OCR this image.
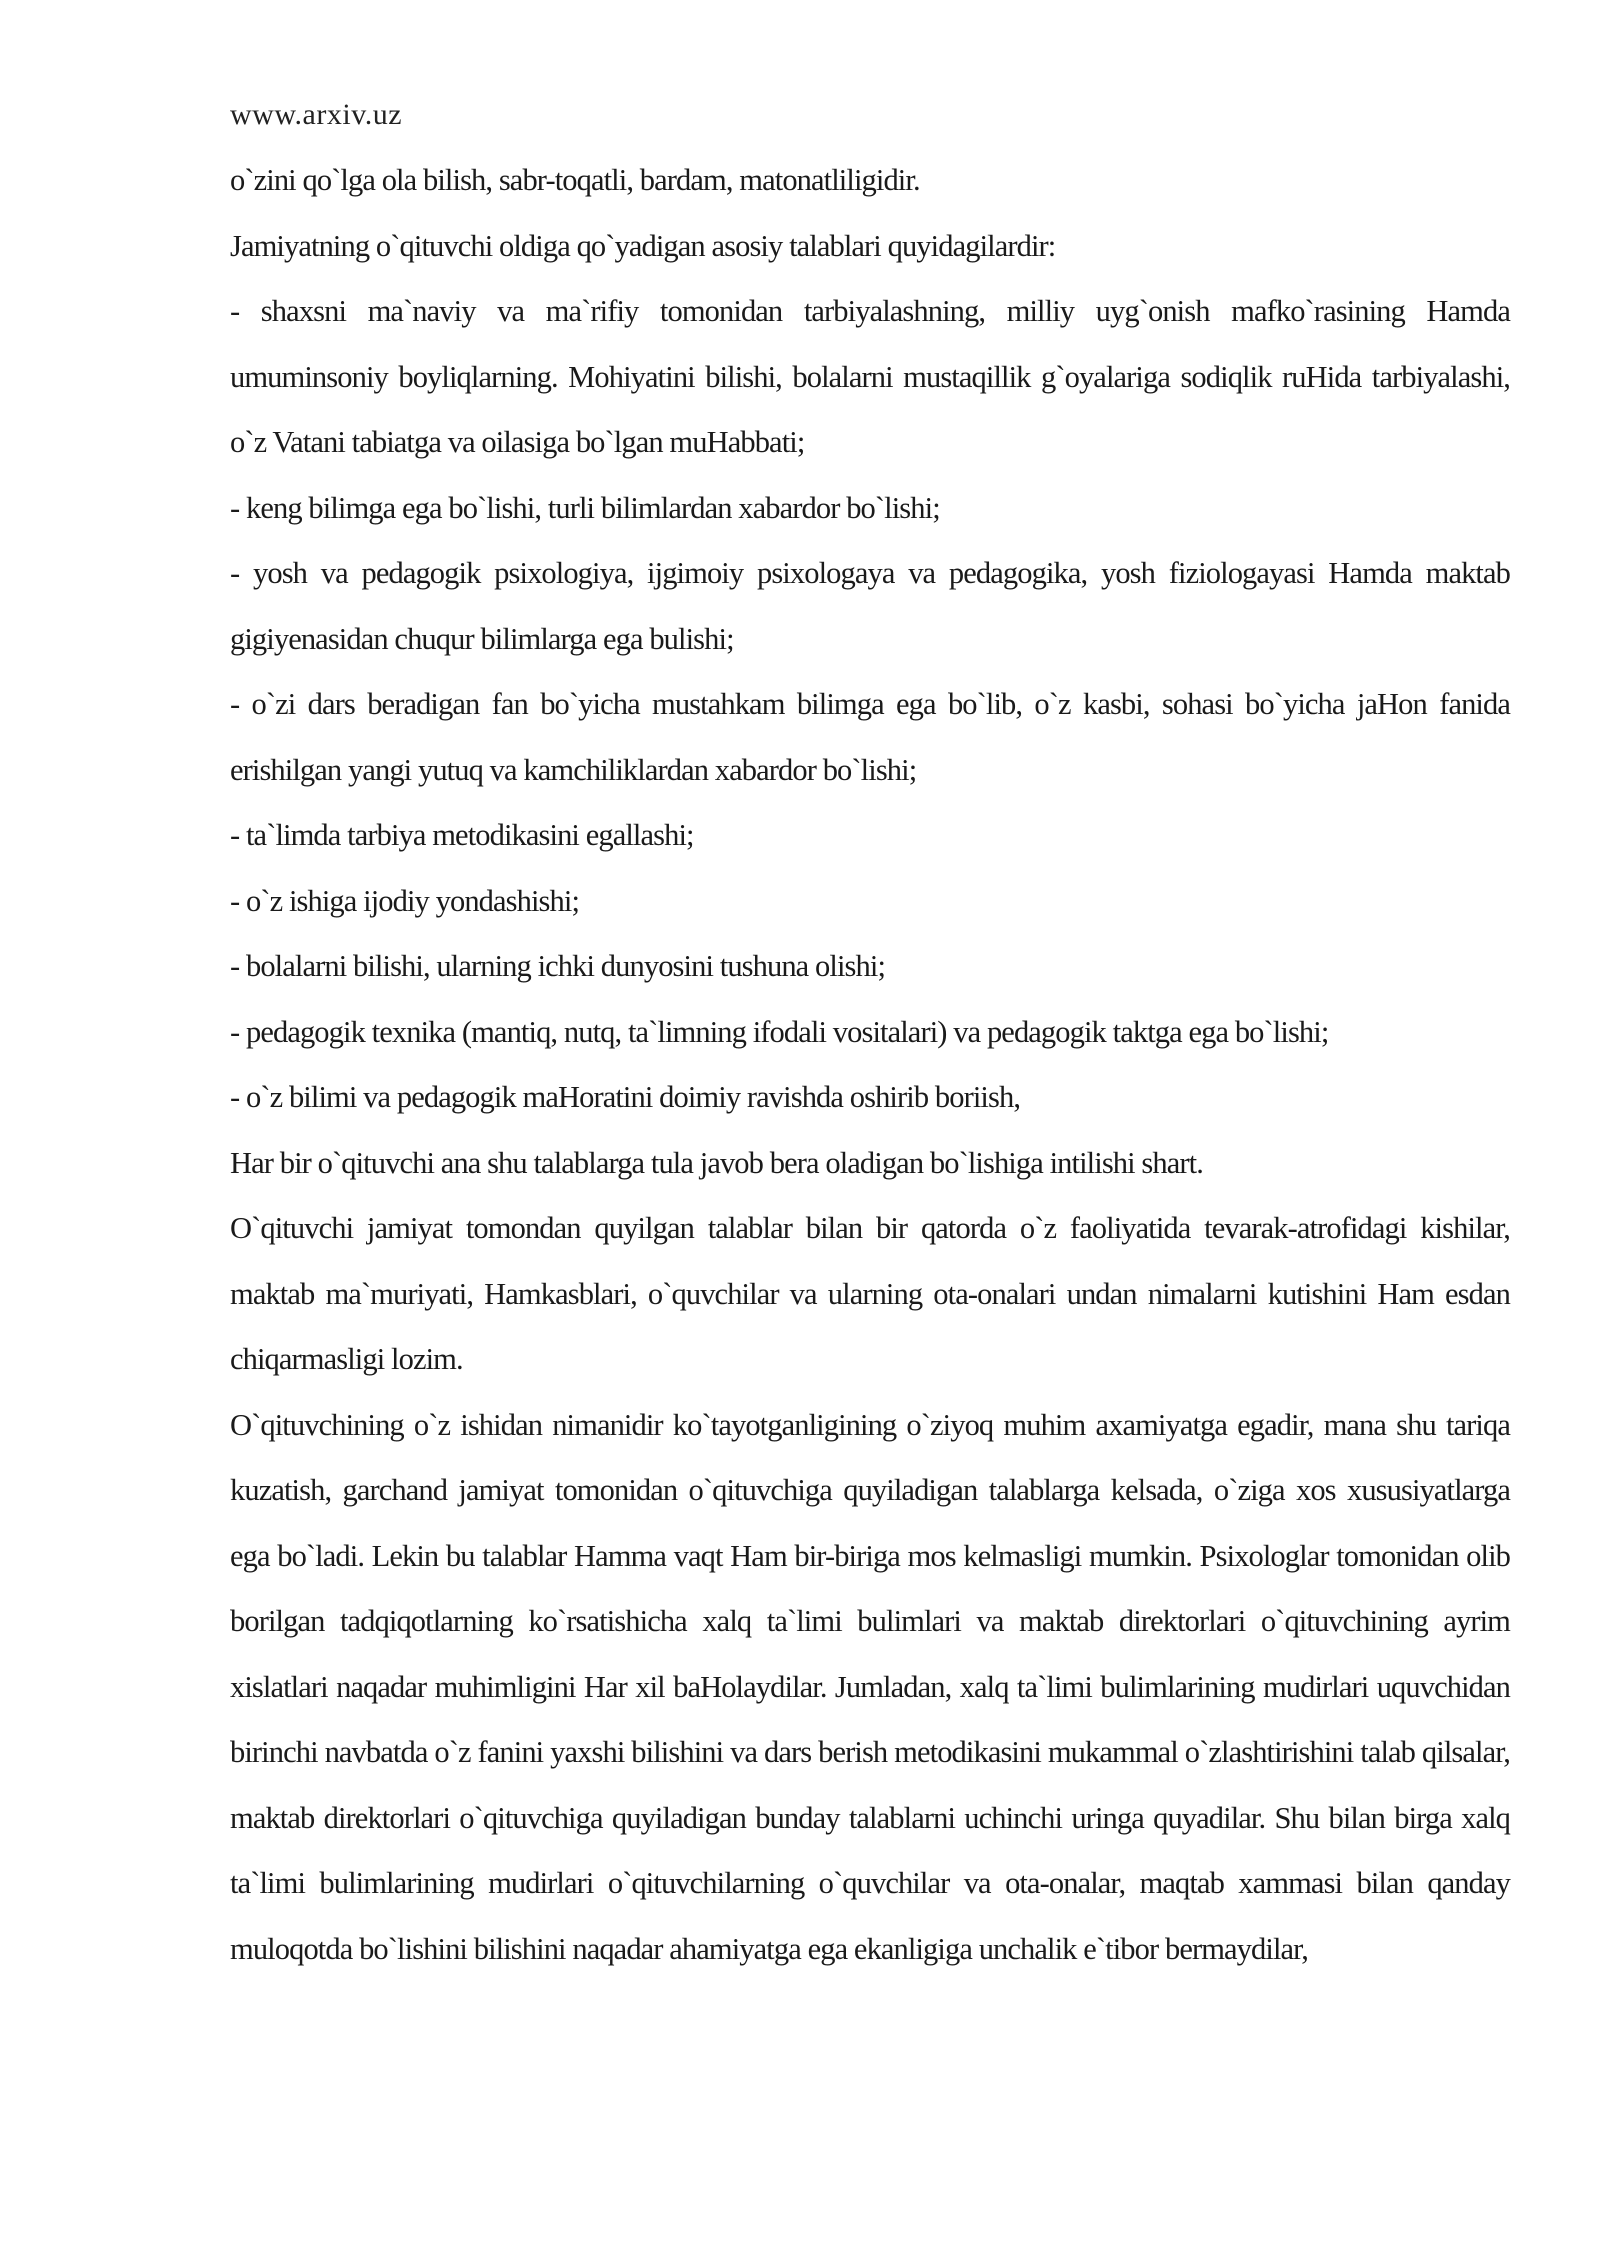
www.arxiv.uz

o`zini qo`lga ola bilish, sabr-toqatli, bardam, matonatliligidir.

Jamiyatning o`qituvchi oldiga qo`yadigan asosiy talablari quyidagilardir:

- shaxsni ma`naviy va ma`rifiy tomonidan tarbiyalashning, milliy uyg`onish mafko`rasining Hamda umuminsoniy boyliqlarning. Mohiyatini bilishi, bolalarni mustaqillik g`oyalariga sodiqlik ruHida tarbiyalashi, o`z Vatani tabiatga va oilasiga bo`lgan muHabbati;

- keng bilimga ega bo`lishi, turli bilimlardan xabardor bo`lishi;

- yosh va pedagogik psixologiya, ijgimoiy psixologaya va pedagogika, yosh fiziologayasi Hamda maktab gigiyenasidan chuqur bilimlarga ega bulishi;

- o`zi dars beradigan fan bo`yicha mustahkam bilimga ega bo`lib, o`z kasbi, sohasi bo`yicha jaHon fanida erishilgan yangi yutuq va kamchiliklardan xabardor bo`lishi;

- ta`limda tarbiya metodikasini egallashi;

- o`z ishiga ijodiy yondashishi;

- bolalarni bilishi, ularning ichki dunyosini tushuna olishi;

- pedagogik texnika (mantiq, nutq, ta`limning ifodali vositalari) va pedagogik taktga ega bo`lishi;

- o`z bilimi va pedagogik maHoratini doimiy ravishda oshirib boriish,

Har bir o`qituvchi ana shu talablarga tula javob bera oladigan bo`lishiga intilishi shart.

O`qituvchi jamiyat tomondan quyilgan talablar bilan bir qatorda o`z faoliyatida tevarak-atrofidagi kishilar, maktab ma`muriyati, Hamkasblari, o`quvchilar va ularning ota-onalari undan nimalarni kutishini Ham esdan chiqarmasligi lozim.

O`qituvchining o`z ishidan nimanidir ko`tayotganligining o`ziyoq muhim axamiyatga egadir, mana shu tariqa kuzatish, garchand jamiyat tomonidan o`qituvchiga quyiladigan talablarga kelsada, o`ziga xos xususiyatlarga ega bo`ladi. Lekin bu talablar Hamma vaqt Ham bir-biriga mos kelmasligi mumkin. Psixologlar tomonidan olib borilgan tadqiqotlarning ko`rsatishicha xalq ta`limi bulimlari va maktab direktorlari o`qituvchining ayrim xislatlari naqadar muhimligini Har xil baHolaydilar. Jumladan, xalq ta`limi bulimlarining mudirlari uquvchidan birinchi navbatda o`z fanini yaxshi bilishini va dars berish metodikasini mukammal o`zlashtirishini talab qilsalar, maktab direktorlari o`qituvchiga quyiladigan bunday talablarni uchinchi uringa quyadilar. Shu bilan birga xalq ta`limi bulimlarining mudirlari o`qituvchilarning o`quvchilar va ota-onalar, maqtab xammasi bilan qanday muloqotda bo`lishini bilishini naqadar ahamiyatga ega ekanligiga unchalik e`tibor bermaydilar,
